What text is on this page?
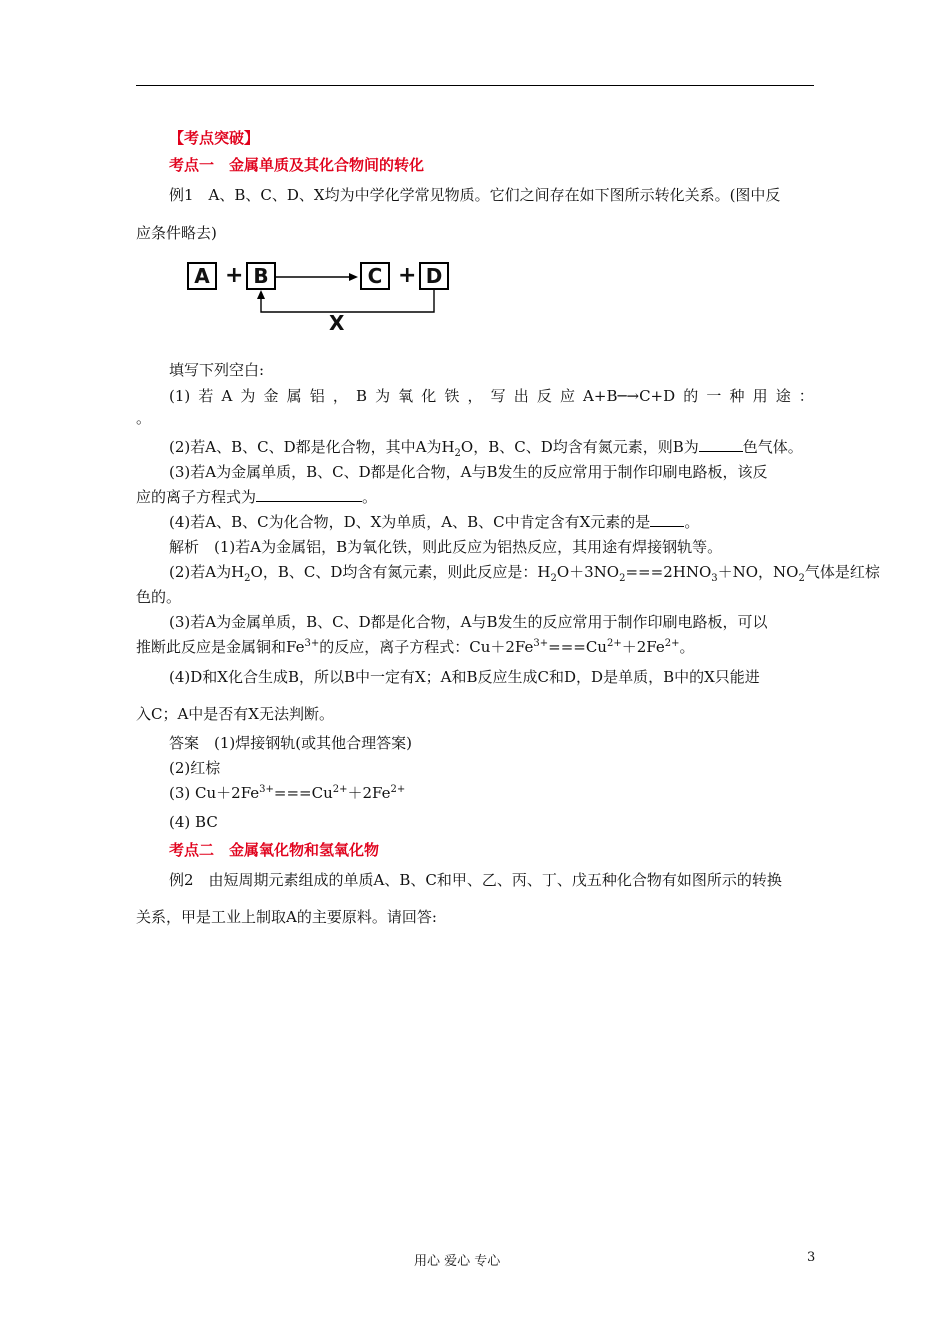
【考点突破】
考点一　金属单质及其化合物间的转化
例1　A、B、C、D、X均为中学化学常见物质。它们之间存在如下图所示转化关系。(图中反
应条件略去)
A + B	C + D
X
填写下列空白:
(1) 若 A 为 金 属 铝 ， B 为 氧 化 铁 ， 写 出 反 应 A+B─→C+D 的 一 种 用 途 ：
。
(2)若A、B、C、D都是化合物，其中A为$H_2O$，B、C、D均含有氮元素，则B为	色气体。
(3)若A为金属单质，B、C、D都是化合物，A与B发生的反应常用于制作印刷电路板，该反
应的离子方程式为	。
(4)若A、B、C为化合物，D、X为单质，A、B、C中肯定含有X元素的是 。
解析　(1)若A为金属铝，B为氧化铁，则此反应为铝热反应，其用途有焊接钢轨等。
(2)若A为$H_2O$，B、C、D均含有氮元素，则此反应是：$H_2O+3NO_2===2HNO_3+NO$，$NO_2$气体是红棕
色的。
(3)若A为金属单质，B、C、D都是化合物，A与B发生的反应常用于制作印刷电路板，可以
推断此反应是金属铜和$Fe^{3+}$的反应，离子方程式：$Cu+2Fe^{3+}===Cu^{2+}+2Fe^{2+}$。
(4)D和X化合生成B，所以B中一定有X；A和B反应生成C和D，D是单质，B中的X只能进
入C；A中是否有X无法判断。
答案　(1)焊接钢轨(或其他合理答案)
(2)红棕
(3) $Cu+2Fe^{3+}===Cu^{2+}+2Fe^{2+}$
(4) BC
考点二　金属氧化物和氢氧化物
例2　由短周期元素组成的单质A、B、C和甲、乙、丙、丁、戊五种化合物有如图所示的转换
关系，甲是工业上制取A的主要原料。请回答:
用心 爱心 专心	3
